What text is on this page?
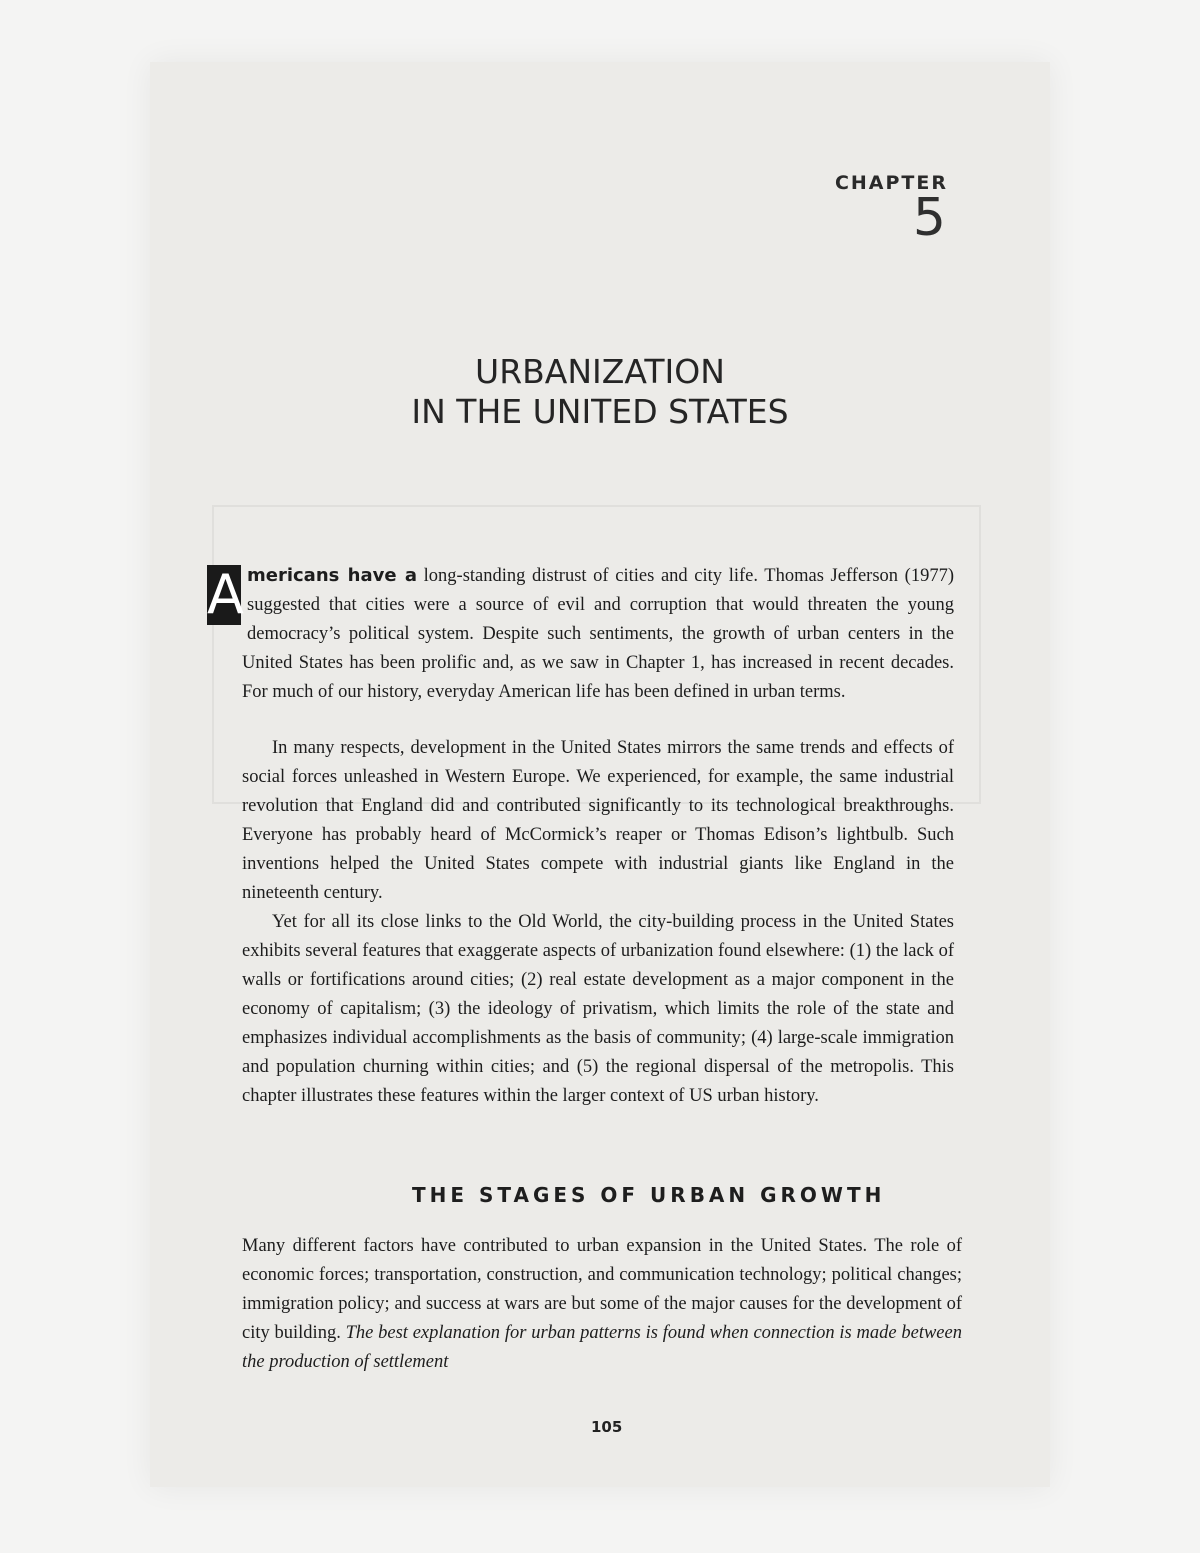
CHAPTER
5
URBANIZATION
IN THE UNITED STATES

A mericans have a long-standing distrust of cities and city life. Thomas Jefferson (1977) suggested that cities were a source of evil and corruption that would threaten the young democracy’s political system. Despite such sentiments, the growth of urban centers in the United States has been prolific and, as we saw in Chapter 1, has increased in recent decades. For much of our history, everyday American life has been defined in urban terms.

In many respects, development in the United States mirrors the same trends and effects of social forces unleashed in Western Europe. We experienced, for example, the same industrial revolution that England did and contributed significantly to its technological breakthroughs. Everyone has probably heard of McCormick’s reaper or Thomas Edison’s lightbulb. Such inventions helped the United States compete with industrial giants like England in the nineteenth century.

Yet for all its close links to the Old World, the city-building process in the United States exhibits several features that exaggerate aspects of urbanization found elsewhere: (1) the lack of walls or fortifications around cities; (2) real estate development as a major component in the economy of capitalism; (3) the ideology of privatism, which limits the role of the state and emphasizes individual accomplishments as the basis of community; (4) large-scale immigration and population churning within cities; and (5) the regional dispersal of the metropolis. This chapter illustrates these features within the larger context of US urban history.

THE STAGES OF URBAN GROWTH

Many different factors have contributed to urban expansion in the United States. The role of economic forces; transportation, construction, and communication technology; political changes; immigration policy; and success at wars are but some of the major causes for the development of city building. The best explanation for urban patterns is found when connection is made between the production of settlement

105
